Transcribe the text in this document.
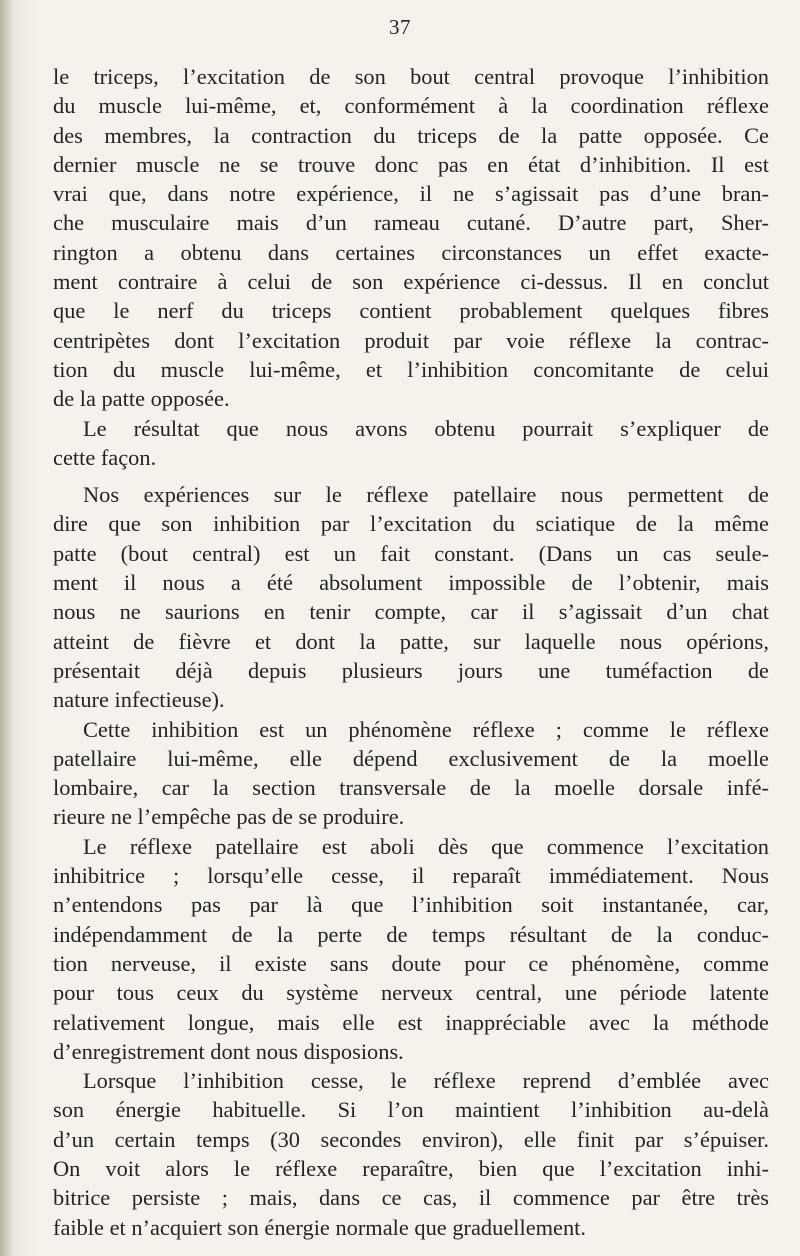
37
le triceps, l’excitation de son bout central provoque l’inhibition
du muscle lui-même, et, conformément à la coordination réflexe
des membres, la contraction du triceps de la patte opposée. Ce
dernier muscle ne se trouve donc pas en état d’inhibition. Il est
vrai que, dans notre expérience, il ne s’agissait pas d’une bran-
che musculaire mais d’un rameau cutané. D’autre part, Sher-
rington a obtenu dans certaines circonstances un effet exacte-
ment contraire à celui de son expérience ci-dessus. Il en conclut
que le nerf du triceps contient probablement quelques fibres
centripètes dont l’excitation produit par voie réflexe la contrac-
tion du muscle lui-même, et l’inhibition concomitante de celui
de la patte opposée.
Le résultat que nous avons obtenu pourrait s’expliquer de
cette façon.
Nos expériences sur le réflexe patellaire nous permettent de
dire que son inhibition par l’excitation du sciatique de la même
patte (bout central) est un fait constant. (Dans un cas seule-
ment il nous a été absolument impossible de l’obtenir, mais
nous ne saurions en tenir compte, car il s’agissait d’un chat
atteint de fièvre et dont la patte, sur laquelle nous opérions,
présentait déjà depuis plusieurs jours une tuméfaction de
nature infectieuse).
Cette inhibition est un phénomène réflexe ; comme le réflexe
patellaire lui-même, elle dépend exclusivement de la moelle
lombaire, car la section transversale de la moelle dorsale infé-
rieure ne l’empêche pas de se produire.
Le réflexe patellaire est aboli dès que commence l’excitation
inhibitrice ; lorsqu’elle cesse, il reparaît immédiatement. Nous
n’entendons pas par là que l’inhibition soit instantanée, car,
indépendamment de la perte de temps résultant de la conduc-
tion nerveuse, il existe sans doute pour ce phénomène, comme
pour tous ceux du système nerveux central, une période latente
relativement longue, mais elle est inappréciable avec la méthode
d’enregistrement dont nous disposions.
Lorsque l’inhibition cesse, le réflexe reprend d’emblée avec
son énergie habituelle. Si l’on maintient l’inhibition au-delà
d’un certain temps (30 secondes environ), elle finit par s’épuiser.
On voit alors le réflexe reparaître, bien que l’excitation inhi-
bitrice persiste ; mais, dans ce cas, il commence par être très
faible et n’acquiert son énergie normale que graduellement.
